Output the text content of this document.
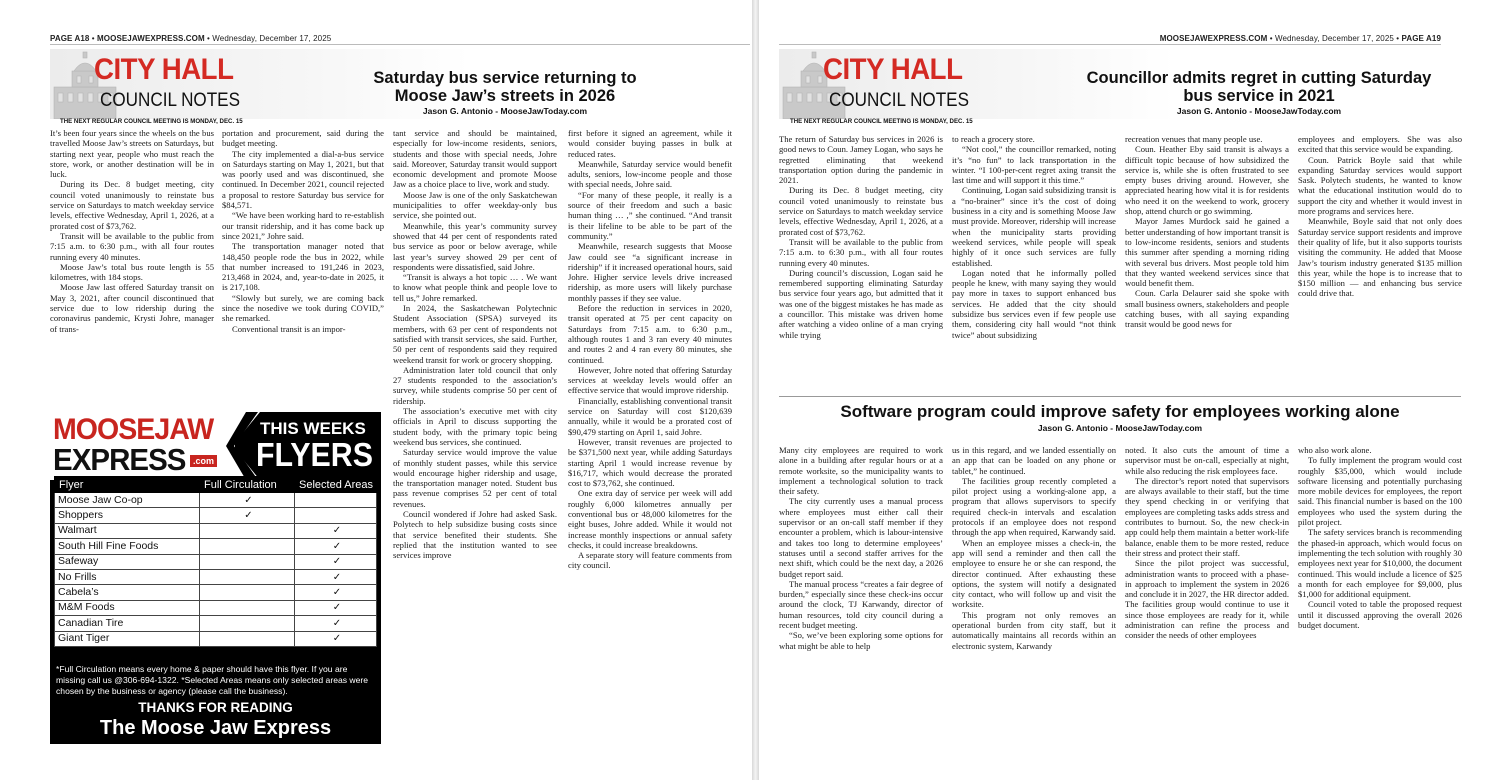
PAGE A18 • MOOSEJAWEXPRESS.COM • Wednesday, December 17, 2025
CITY HALL
COUNCIL NOTES
THE NEXT REGULAR COUNCIL MEETING IS MONDAY, DEC. 15
Saturday bus service returning to
Moose Jaw’s streets in 2026
Jason G. Antonio - MooseJawToday.com

It’s been four years since the wheels on the bus travelled Moose Jaw’s streets on Saturdays, but starting next year, people who must reach the store, work, or another destination will be in luck.

During its Dec. 8 budget meeting, city council voted unanimously to reinstate bus service on Saturdays to match weekday service levels, effective Wednesday, April 1, 2026, at a prorated cost of $73,762.

Transit will be available to the public from 7:15 a.m. to 6:30 p.m., with all four routes running every 40 minutes.

Moose Jaw’s total bus route length is 55 kilometres, with 184 stops.

Moose Jaw last offered Saturday transit on May 3, 2021, after council discontinued that service due to low ridership during the coronavirus pandemic, Krysti Johre, manager of trans-

portation and procurement, said during the budget meeting.

The city implemented a dial-a-bus service on Saturdays starting on May 1, 2021, but that was poorly used and was discontinued, she continued. In December 2021, council rejected a proposal to restore Saturday bus service for $84,571.

“We have been working hard to re-establish our transit ridership, and it has come back up since 2021,” Johre said.

The transportation manager noted that 148,450 people rode the bus in 2022, while that number increased to 191,246 in 2023, 213,468 in 2024, and, year-to-date in 2025, it is 217,108.

“Slowly but surely, we are coming back since the nosedive we took during COVID,” she remarked.

Conventional transit is an impor-

tant service and should be maintained, especially for low-income residents, seniors, students and those with special needs, Johre said. Moreover, Saturday transit would support economic development and promote Moose Jaw as a choice place to live, work and study.

Moose Jaw is one of the only Saskatchewan municipalities to offer weekday-only bus service, she pointed out.

Meanwhile, this year’s community survey showed that 44 per cent of respondents rated bus service as poor or below average, while last year’s survey showed 29 per cent of respondents were dissatisfied, said Johre.

“Transit is always a hot topic … . We want to know what people think and people love to tell us,” Johre remarked.

In 2024, the Saskatchewan Polytechnic Student Association (SPSA) surveyed its members, with 63 per cent of respondents not satisfied with transit services, she said. Further, 50 per cent of respondents said they required weekend transit for work or grocery shopping.

Administration later told council that only 27 students responded to the association’s survey, while students comprise 50 per cent of ridership.

The association’s executive met with city officials in April to discuss supporting the student body, with the primary topic being weekend bus services, she continued.

Saturday service would improve the value of monthly student passes, while this service would encourage higher ridership and usage, the transportation manager noted. Student bus pass revenue comprises 52 per cent of total revenues.

Council wondered if Johre had asked Sask. Polytech to help subsidize busing costs since that service benefited their students. She replied that the institution wanted to see services improve

first before it signed an agreement, while it would consider buying passes in bulk at reduced rates.

Meanwhile, Saturday service would benefit adults, seniors, low-income people and those with special needs, Johre said.

“For many of these people, it really is a source of their freedom and such a basic human thing … ,” she continued. “And transit is their lifeline to be able to be part of the community.”

Meanwhile, research suggests that Moose Jaw could see “a significant increase in ridership” if it increased operational hours, said Johre. Higher service levels drive increased ridership, as more users will likely purchase monthly passes if they see value.

Before the reduction in services in 2020, transit operated at 75 per cent capacity on Saturdays from 7:15 a.m. to 6:30 p.m., although routes 1 and 3 ran every 40 minutes and routes 2 and 4 ran every 80 minutes, she continued.

However, Johre noted that offering Saturday services at weekday levels would offer an effective service that would improve ridership.

Financially, establishing conventional transit service on Saturday will cost $120,639 annually, while it would be a prorated cost of $90,479 starting on April 1, said Johre.

However, transit revenues are projected to be $371,500 next year, while adding Saturdays starting April 1 would increase revenue by $16,717, which would decrease the prorated cost to $73,762, she continued.

One extra day of service per week will add roughly 6,000 kilometres annually per conventional bus or 48,000 kilometres for the eight buses, Johre added. While it would not increase monthly inspections or annual safety checks, it could increase breakdowns.

A separate story will feature comments from city council.

MOOSEJAW
EXPRESS .com
THIS WEEKS
FLYERS
Flyer	Full Circulation	Selected Areas
Moose Jaw Co-op	✓	
Shoppers	✓	
Walmart		✓
South Hill Fine Foods		✓
Safeway		✓
No Frills		✓
Cabela’s		✓
M&M Foods		✓
Canadian Tire		✓
Giant Tiger		✓
*Full Circulation means every home & paper should have this flyer. If you are missing call us @306-694-1322. *Selected Areas means only selected areas were chosen by the business or agency (please call the business).
THANKS FOR READING
The Moose Jaw Express
MOOSEJAWEXPRESS.COM • Wednesday, December 17, 2025 • PAGE A19
CITY HALL
COUNCIL NOTES
THE NEXT REGULAR COUNCIL MEETING IS MONDAY, DEC. 15
Councillor admits regret in cutting Saturday
bus service in 2021
Jason G. Antonio - MooseJawToday.com

The return of Saturday bus services in 2026 is good news to Coun. Jamey Logan, who says he regretted eliminating that weekend transportation option during the pandemic in 2021.

During its Dec. 8 budget meeting, city council voted unanimously to reinstate bus service on Saturdays to match weekday service levels, effective Wednesday, April 1, 2026, at a prorated cost of $73,762.

Transit will be available to the public from 7:15 a.m. to 6:30 p.m., with all four routes running every 40 minutes.

During council’s discussion, Logan said he remembered supporting eliminating Saturday bus service four years ago, but admitted that it was one of the biggest mistakes he has made as a councillor. This mistake was driven home after watching a video online of a man crying while trying

to reach a grocery store.

“Not cool,” the councillor remarked, noting it’s “no fun” to lack transportation in the winter. “I 100-per-cent regret axing transit the last time and will support it this time.”

Continuing, Logan said subsidizing transit is a “no-brainer” since it’s the cost of doing business in a city and is something Moose Jaw must provide. Moreover, ridership will increase when the municipality starts providing weekend services, while people will speak highly of it once such services are fully established.

Logan noted that he informally polled people he knew, with many saying they would pay more in taxes to support enhanced bus services. He added that the city should subsidize bus services even if few people use them, considering city hall would “not think twice” about subsidizing

recreation venues that many people use.

Coun. Heather Eby said transit is always a difficult topic because of how subsidized the service is, while she is often frustrated to see empty buses driving around. However, she appreciated hearing how vital it is for residents who need it on the weekend to work, grocery shop, attend church or go swimming.

Mayor James Murdock said he gained a better understanding of how important transit is to low-income residents, seniors and students this summer after spending a morning riding with several bus drivers. Most people told him that they wanted weekend services since that would benefit them.

Coun. Carla Delaurer said she spoke with small business owners, stakeholders and people catching buses, with all saying expanding transit would be good news for

employees and employers. She was also excited that this service would be expanding.

Coun. Patrick Boyle said that while expanding Saturday services would support Sask. Polytech students, he wanted to know what the educational institution would do to support the city and whether it would invest in more programs and services here.

Meanwhile, Boyle said that not only does Saturday service support residents and improve their quality of life, but it also supports tourists visiting the community. He added that Moose Jaw’s tourism industry generated $135 million this year, while the hope is to increase that to $150 million — and enhancing bus service could drive that.

Software program could improve safety for employees working alone
Jason G. Antonio - MooseJawToday.com

Many city employees are required to work alone in a building after regular hours or at a remote worksite, so the municipality wants to implement a technological solution to track their safety.

The city currently uses a manual process where employees must either call their supervisor or an on-call staff member if they encounter a problem, which is labour-intensive and takes too long to determine employees’ statuses until a second staffer arrives for the next shift, which could be the next day, a 2026 budget report said.

The manual process “creates a fair degree of burden,” especially since these check-ins occur around the clock, TJ Karwandy, director of human resources, told city council during a recent budget meeting.

“So, we’ve been exploring some options for what might be able to help

us in this regard, and we landed essentially on an app that can be loaded on any phone or tablet,” he continued.

The facilities group recently completed a pilot project using a working-alone app, a program that allows supervisors to specify required check-in intervals and escalation protocols if an employee does not respond through the app when required, Karwandy said.

When an employee misses a check-in, the app will send a reminder and then call the employee to ensure he or she can respond, the director continued. After exhausting these options, the system will notify a designated city contact, who will follow up and visit the worksite.

This program not only removes an operational burden from city staff, but it automatically maintains all records within an electronic system, Karwandy

noted. It also cuts the amount of time a supervisor must be on-call, especially at night, while also reducing the risk employees face.

The director’s report noted that supervisors are always available to their staff, but the time they spend checking in or verifying that employees are completing tasks adds stress and contributes to burnout. So, the new check-in app could help them maintain a better work-life balance, enable them to be more rested, reduce their stress and protect their staff.

Since the pilot project was successful, administration wants to proceed with a phase-in approach to implement the system in 2026 and conclude it in 2027, the HR director added. The facilities group would continue to use it since those employees are ready for it, while administration can refine the process and consider the needs of other employees

who also work alone.

To fully implement the program would cost roughly $35,000, which would include software licensing and potentially purchasing more mobile devices for employees, the report said. This financial number is based on the 100 employees who used the system during the pilot project.

The safety services branch is recommending the phased-in approach, which would focus on implementing the tech solution with roughly 30 employees next year for $10,000, the document continued. This would include a licence of $25 a month for each employee for $9,000, plus $1,000 for additional equipment.

Council voted to table the proposed request until it discussed approving the overall 2026 budget document.
